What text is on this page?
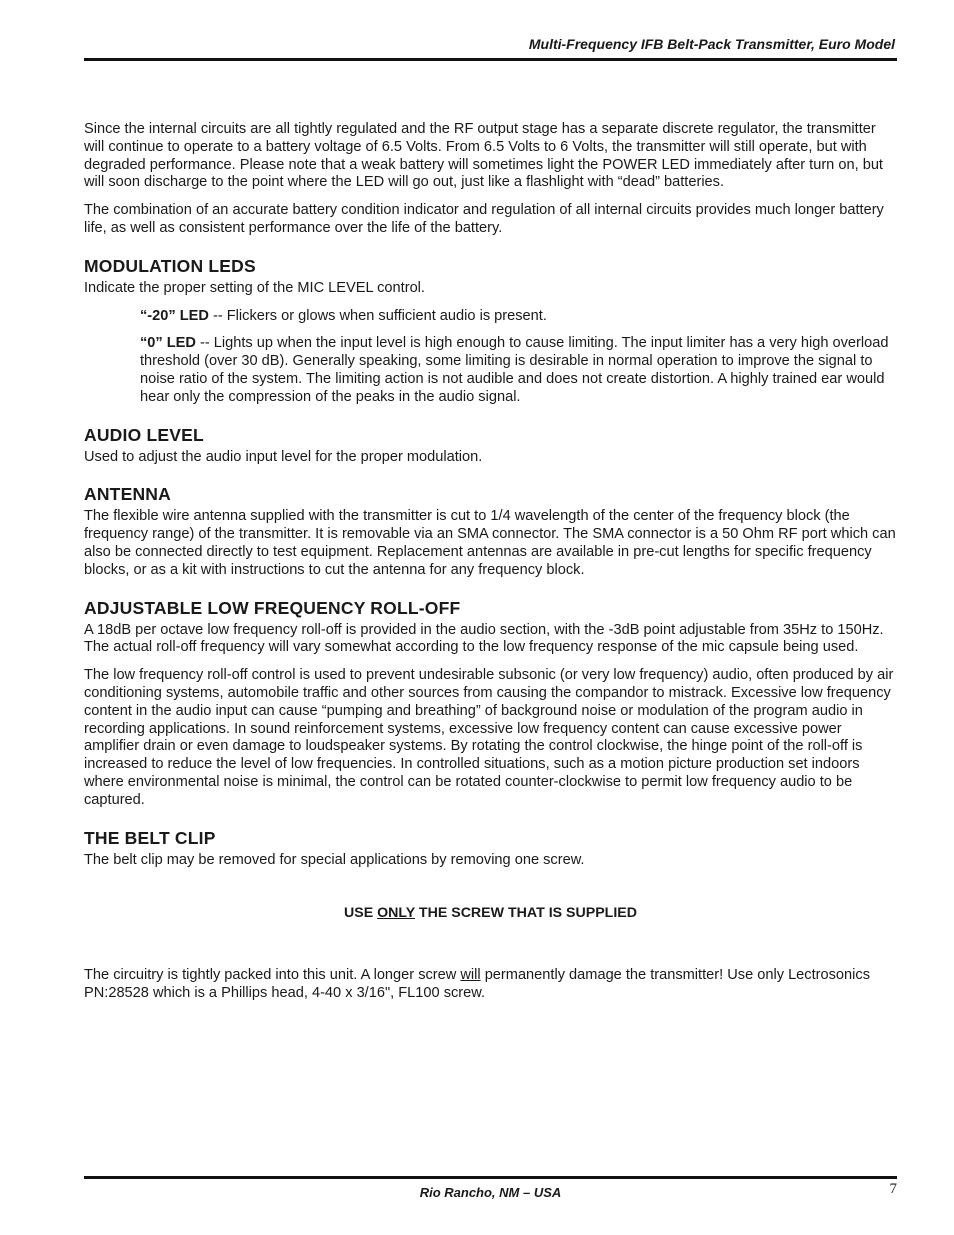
Multi-Frequency IFB Belt-Pack Transmitter, Euro Model

Since the internal circuits are all tightly regulated and the RF output stage has a separate discrete regulator, the transmitter will continue to operate to a battery voltage of 6.5 Volts. From 6.5 Volts to 6 Volts, the transmitter will still operate, but with degraded performance. Please note that a weak battery will sometimes light the POWER LED immediately after turn on, but will soon discharge to the point where the LED will go out, just like a flashlight with “dead” batteries.

The combination of an accurate battery condition indicator and regulation of all internal circuits provides much longer battery life, as well as consistent performance over the life of the battery.

MODULATION LEDS

Indicate the proper setting of the MIC LEVEL control.

“-20” LED -- Flickers or glows when sufficient audio is present.

“0” LED -- Lights up when the input level is high enough to cause limiting. The input limiter has a very high overload threshold (over 30 dB). Generally speaking, some limiting is desirable in normal operation to improve the signal to noise ratio of the system. The limiting action is not audible and does not create distortion. A highly trained ear would hear only the compression of the peaks in the audio signal.

AUDIO LEVEL

Used to adjust the audio input level for the proper modulation.

ANTENNA

The flexible wire antenna supplied with the transmitter is cut to 1/4 wavelength of the center of the frequency block (the frequency range) of the transmitter. It is removable via an SMA connector. The SMA connector is a 50 Ohm RF port which can also be connected directly to test equipment. Replacement antennas are available in pre-cut lengths for specific frequency blocks, or as a kit with instructions to cut the antenna for any frequency block.

ADJUSTABLE LOW FREQUENCY ROLL-OFF

A 18dB per octave low frequency roll-off is provided in the audio section, with the -3dB point adjustable from 35Hz to 150Hz. The actual roll-off frequency will vary somewhat according to the low frequency response of the mic capsule being used.

The low frequency roll-off control is used to prevent undesirable subsonic (or very low frequency) audio, often produced by air conditioning systems, automobile traffic and other sources from causing the compandor to mistrack. Excessive low frequency content in the audio input can cause “pumping and breathing” of background noise or modulation of the program audio in recording applications. In sound reinforcement systems, excessive low frequency content can cause excessive power amplifier drain or even damage to loudspeaker systems. By rotating the control clockwise, the hinge point of the roll-off is increased to reduce the level of low frequencies. In controlled situations, such as a motion picture production set indoors where environmental noise is minimal, the control can be rotated counter-clockwise to permit low frequency audio to be captured.

THE BELT CLIP

The belt clip may be removed for special applications by removing one screw.

USE ONLY THE SCREW THAT IS SUPPLIED

The circuitry is tightly packed into this unit. A longer screw will permanently damage the transmitter! Use only Lectrosonics PN:28528 which is a Phillips head, 4-40 x 3/16", FL100 screw.

Rio Rancho, NM – USA	7
